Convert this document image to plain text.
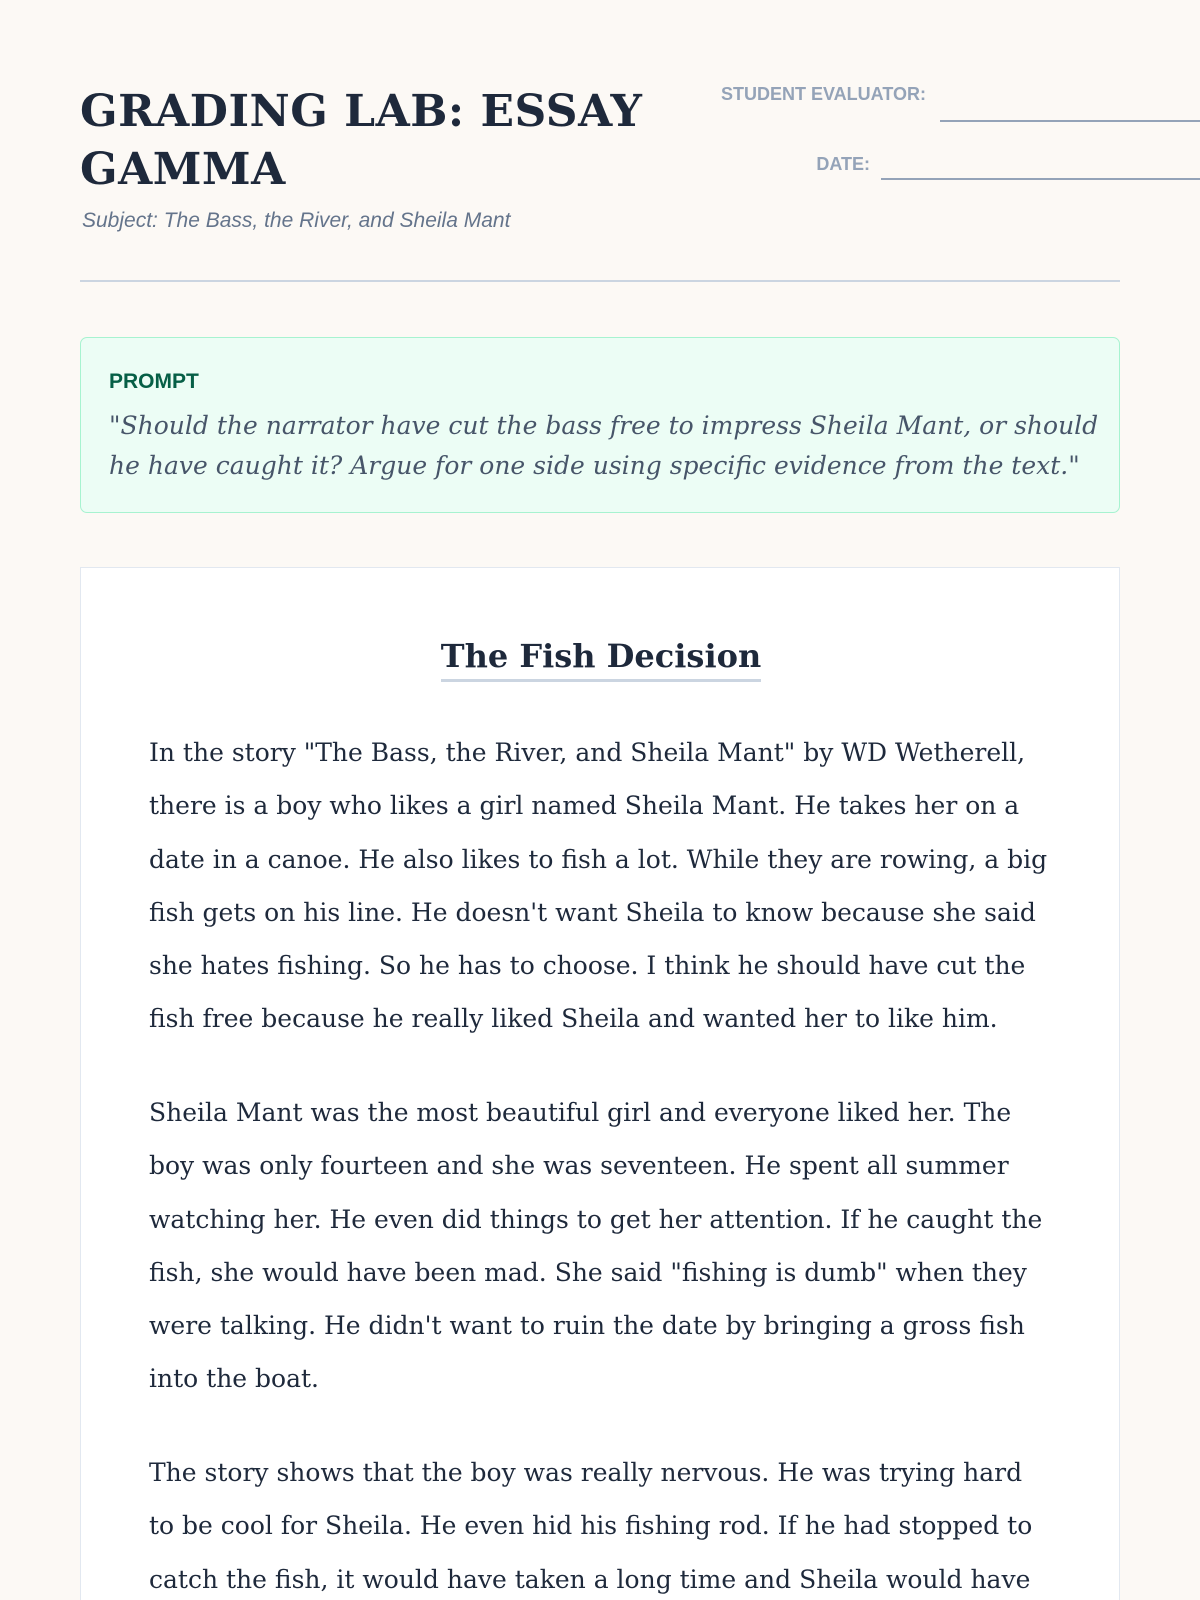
GRADING LAB: ESSAY GAMMA
Subject: The Bass, the River, and Sheila Mant
STUDENT EVALUATOR:
DATE:
PROMPT
"Should the narrator have cut the bass free to impress Sheila Mant, or should he have caught it? Argue for one side using specific evidence from the text."
The Fish Decision

In the story "The Bass, the River, and Sheila Mant" by WD Wetherell, there is a boy who likes a girl named Sheila Mant. He takes her on a date in a canoe. He also likes to fish a lot. While they are rowing, a big fish gets on his line. He doesn't want Sheila to know because she said she hates fishing. So he has to choose. I think he should have cut the fish free because he really liked Sheila and wanted her to like him.

Sheila Mant was the most beautiful girl and everyone liked her. The boy was only fourteen and she was seventeen. He spent all summer watching her. He even did things to get her attention. If he caught the fish, she would have been mad. She said "fishing is dumb" when they were talking. He didn't want to ruin the date by bringing a gross fish into the boat.

The story shows that the boy was really nervous. He was trying hard to be cool for Sheila. He even hid his fishing rod. If he had stopped to catch the fish, it would have taken a long time and Sheila would have
